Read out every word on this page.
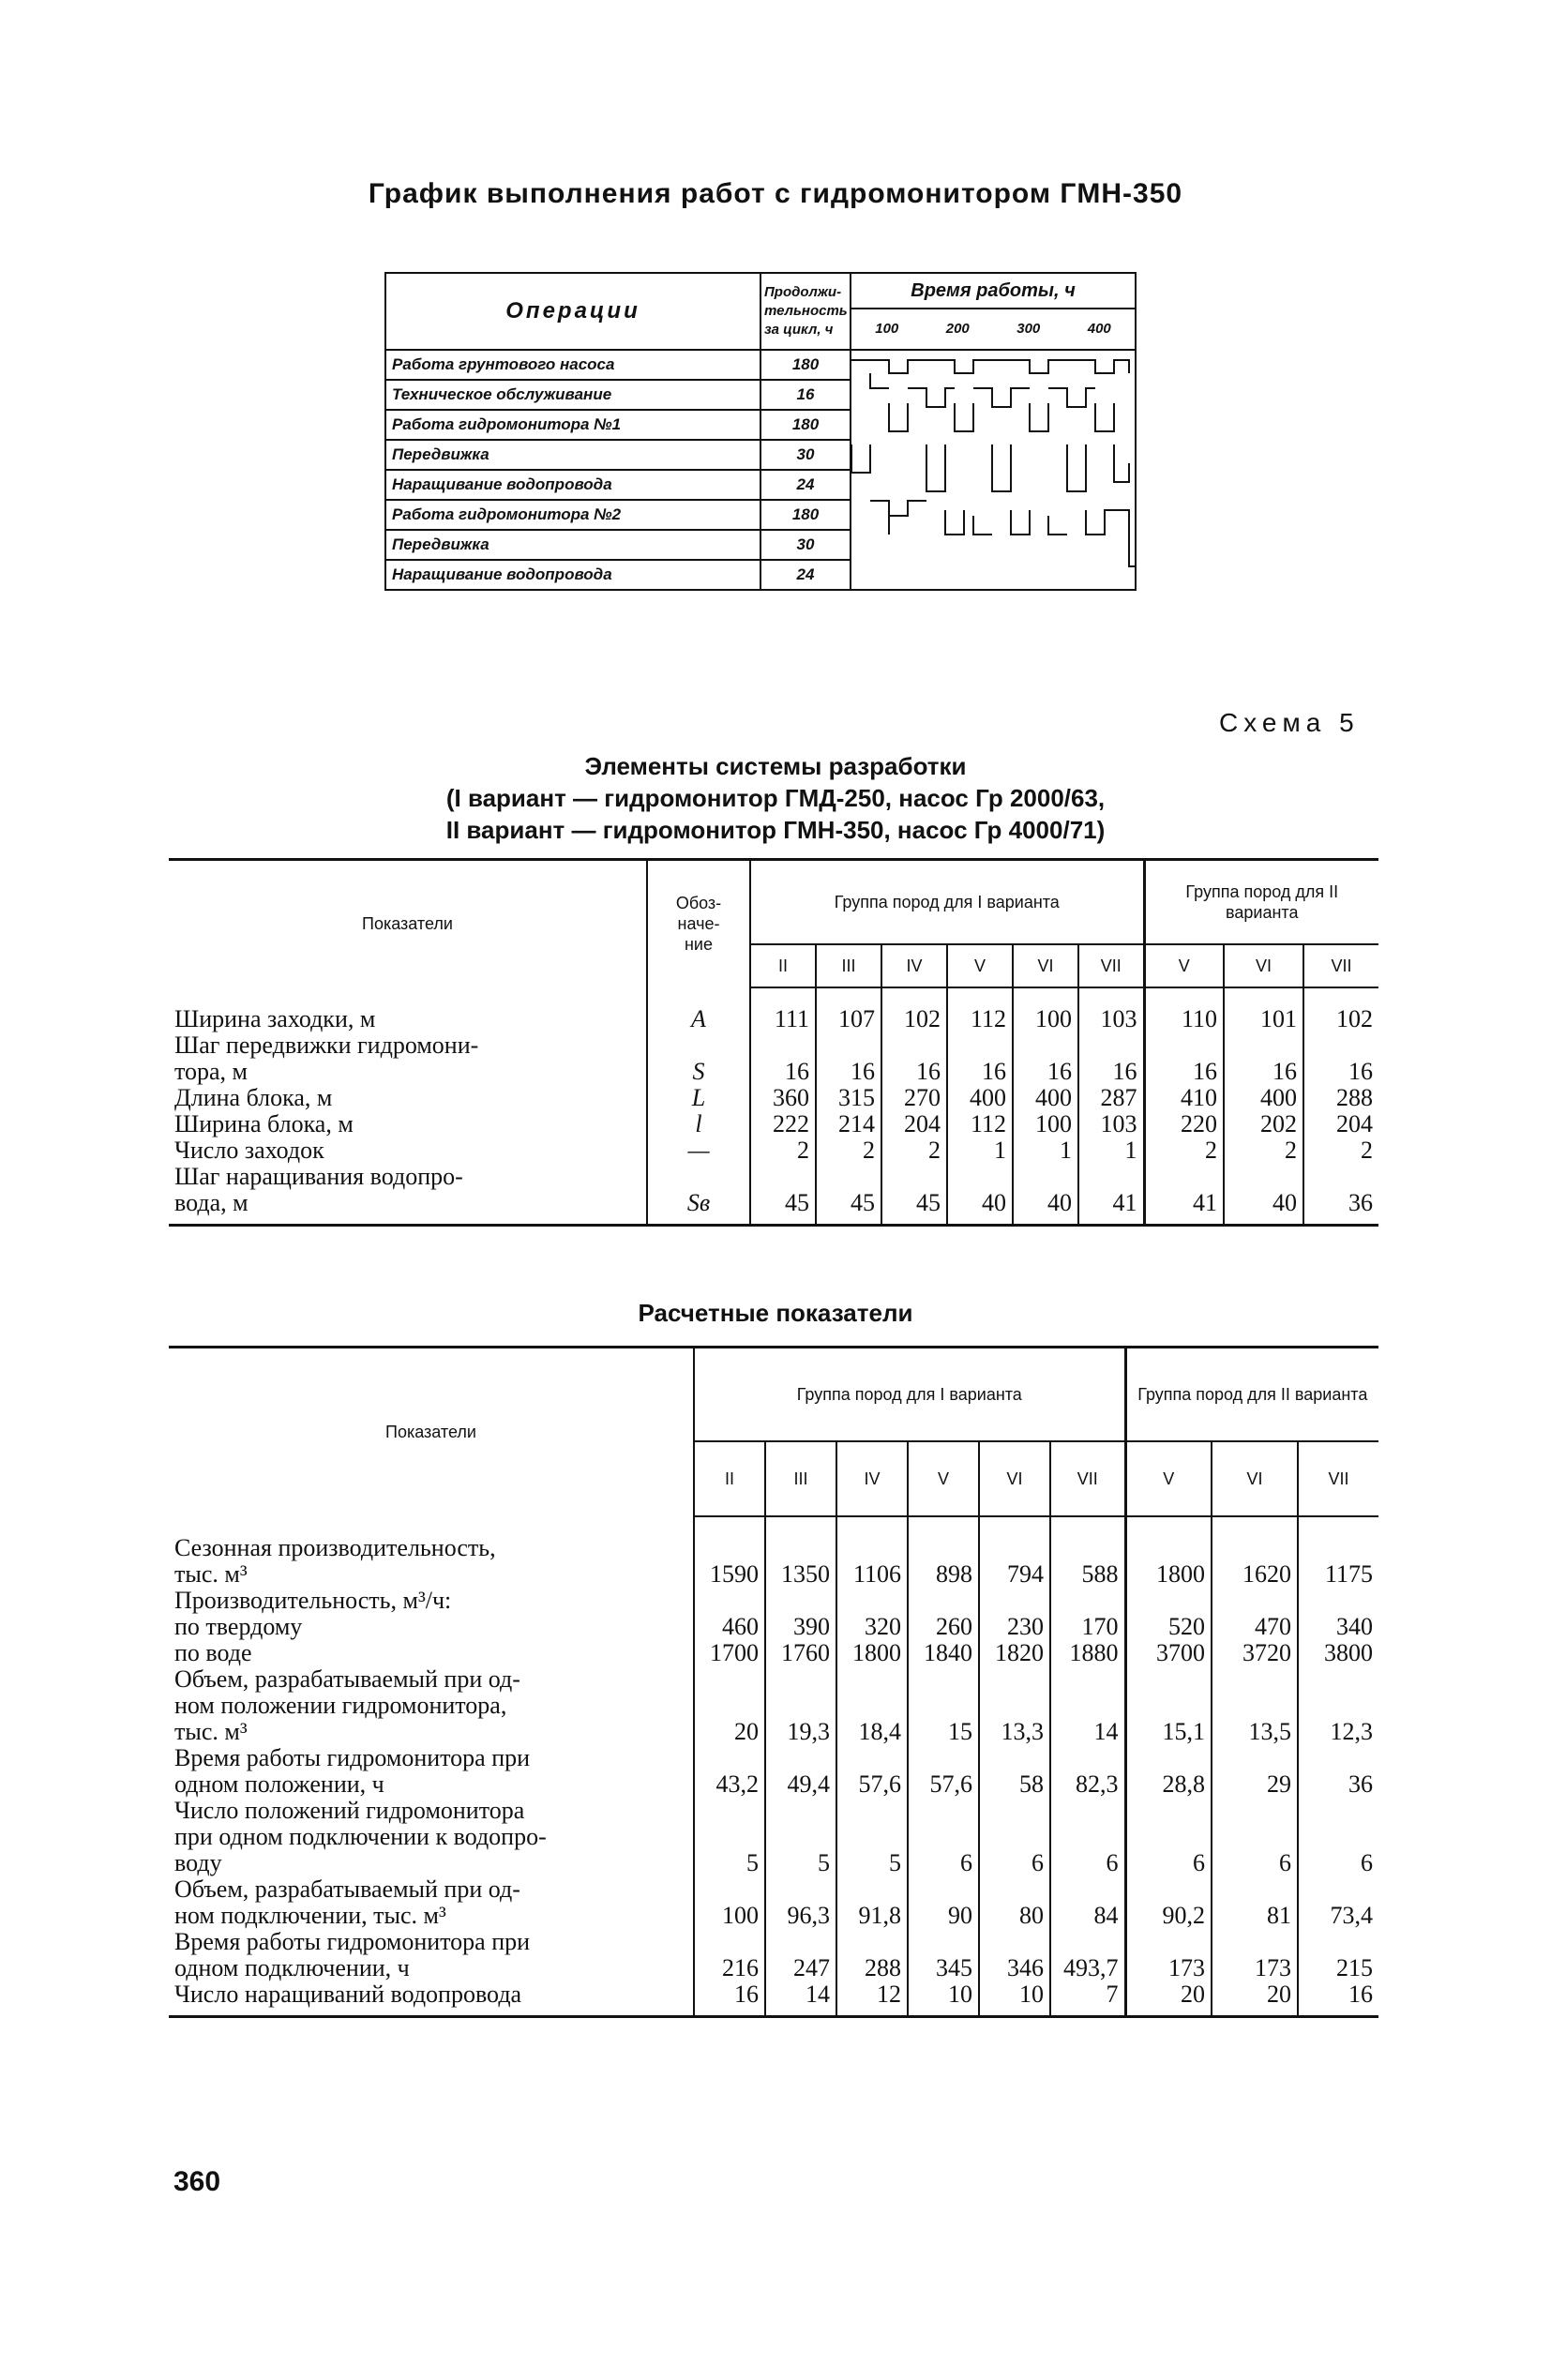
График выполнения работ с гидромонитором ГМН-350
Операции	Продолжи-
тельность
за цикл, ч	Время работы, ч

		100 200 300 400

Работа грунтового насоса	180	

Техническое обслуживание	16	
Работа гидромонитора №1	180	
Передвижка	30	
Наращивание водопровода	24	
Работа гидромонитора №2	180	
Передвижка	30	
Наращивание водопровода	24	
Схема 5
Элементы системы разработки
(I вариант — гидромонитор ГМД-250, насос Гр 2000/63,
II вариант — гидромонитор ГМН-350, насос Гр 4000/71)
Показатели	Обоз-
наче-
ние	Группа пород для I варианта						Группа пород для II варианта		
		II	III	IV	V	VI	VII	V	VI	VII
Ширина заходки, м	A	111	107	102	112	100	103	110	101	102
Шаг передвижки гидромони-
тора, м	S	16	16	16	16	16	16	16	16	16
Длина блока, м	L	360	315	270	400	400	287	410	400	288
Ширина блока, м	l	222	214	204	112	100	103	220	202	204
Число заходок	—	2	2	2	1	1	1	2	2	2
Шаг наращивания водопро-
вода, м	Sв	45	45	45	40	40	41	41	40	36

Расчетные показатели
Показатели	Группа пород для I варианта						Группа пород для II варианта		
	II	III	IV	V	VI	VII	V	VI	VII
Сезонная производительность,
тыс. м³	1590	1350	1106	898	794	588	1800	1620	1175
Производительность, м³/ч:									
по твердому	460	390	320	260	230	170	520	470	340
по воде	1700	1760	1800	1840	1820	1880	3700	3720	3800
Объем, разрабатываемый при од-
ном положении гидромонитора,
тыс. м³	20	19,3	18,4	15	13,3	14	15,1	13,5	12,3
Время работы гидромонитора при
одном положении, ч	43,2	49,4	57,6	57,6	58	82,3	28,8	29	36
Число положений гидромонитора
при одном подключении к водопро-
воду	5	5	5	6	6	6	6	6	6
Объем, разрабатываемый при од-
ном подключении, тыс. м³	100	96,3	91,8	90	80	84	90,2	81	73,4
Время работы гидромонитора при
одном подключении, ч	216	247	288	345	346	493,7	173	173	215
Число наращиваний водопровода	16	14	12	10	10	7	20	20	16

360
